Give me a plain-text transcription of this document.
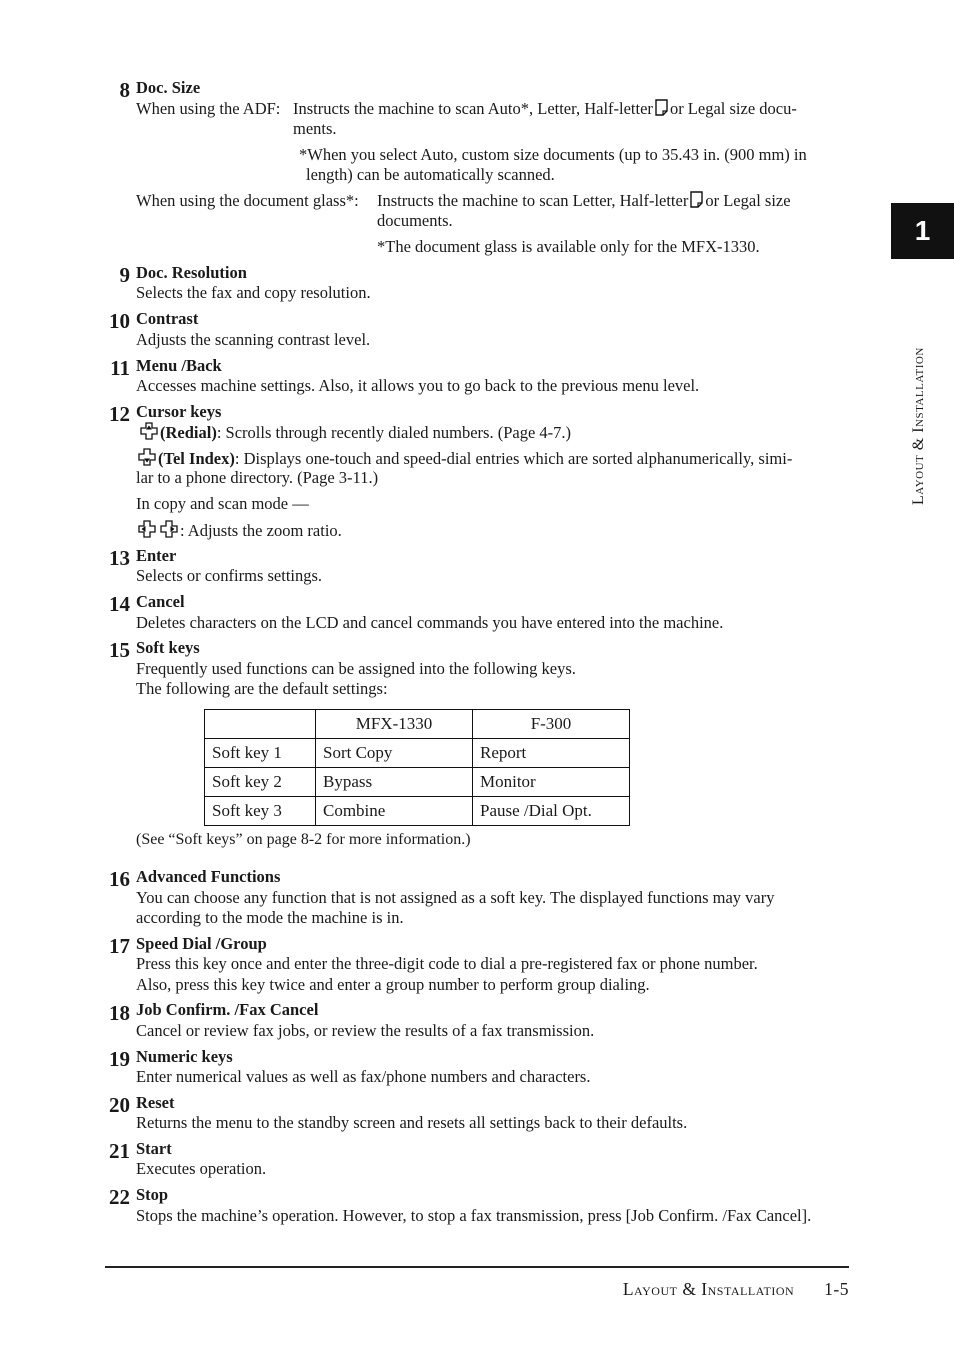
8 Doc. Size
When using the ADF: Instructs the machine to scan Auto*, Letter, Half-letter or Legal size docu-
ments.
*When you select Auto, custom size documents (up to 35.43 in. (900 mm) in
length) can be automatically scanned.
When using the document glass*: Instructs the machine to scan Letter, Half-letter or Legal size
documents.
*The document glass is available only for the MFX-1330.
9 Doc. Resolution
Selects the fax and copy resolution.
10 Contrast
Adjusts the scanning contrast level.
11 Menu /Back
Accesses machine settings. Also, it allows you to go back to the previous menu level.
12 Cursor keys
(Redial): Scrolls through recently dialed numbers. (Page 4-7.)
(Tel Index): Displays one-touch and speed-dial entries which are sorted alphanumerically, simi-
lar to a phone directory. (Page 3-11.)
In copy and scan mode —
: Adjusts the zoom ratio.
13 Enter
Selects or confirms settings.
14 Cancel
Deletes characters on the LCD and cancel commands you have entered into the machine.
15 Soft keys
Frequently used functions can be assigned into the following keys.
The following are the default settings:
	MFX-1330	F-300
Soft key 1	Sort Copy	Report
Soft key 2	Bypass	Monitor
Soft key 3	Combine	Pause /Dial Opt.
(See “Soft keys” on page 8-2 for more information.)
16 Advanced Functions
You can choose any function that is not assigned as a soft key. The displayed functions may vary
according to the mode the machine is in.
17 Speed Dial /Group
Press this key once and enter the three-digit code to dial a pre-registered fax or phone number.
Also, press this key twice and enter a group number to perform group dialing.
18 Job Confirm. /Fax Cancel
Cancel or review fax jobs, or review the results of a fax transmission.
19 Numeric keys
Enter numerical values as well as fax/phone numbers and characters.
20 Reset
Returns the menu to the standby screen and resets all settings back to their defaults.
21 Start
Executes operation.
22 Stop
Stops the machine’s operation. However, to stop a fax transmission, press [Job Confirm. /Fax Cancel].
1
Layout & Installation
Layout & Installation 1-5
